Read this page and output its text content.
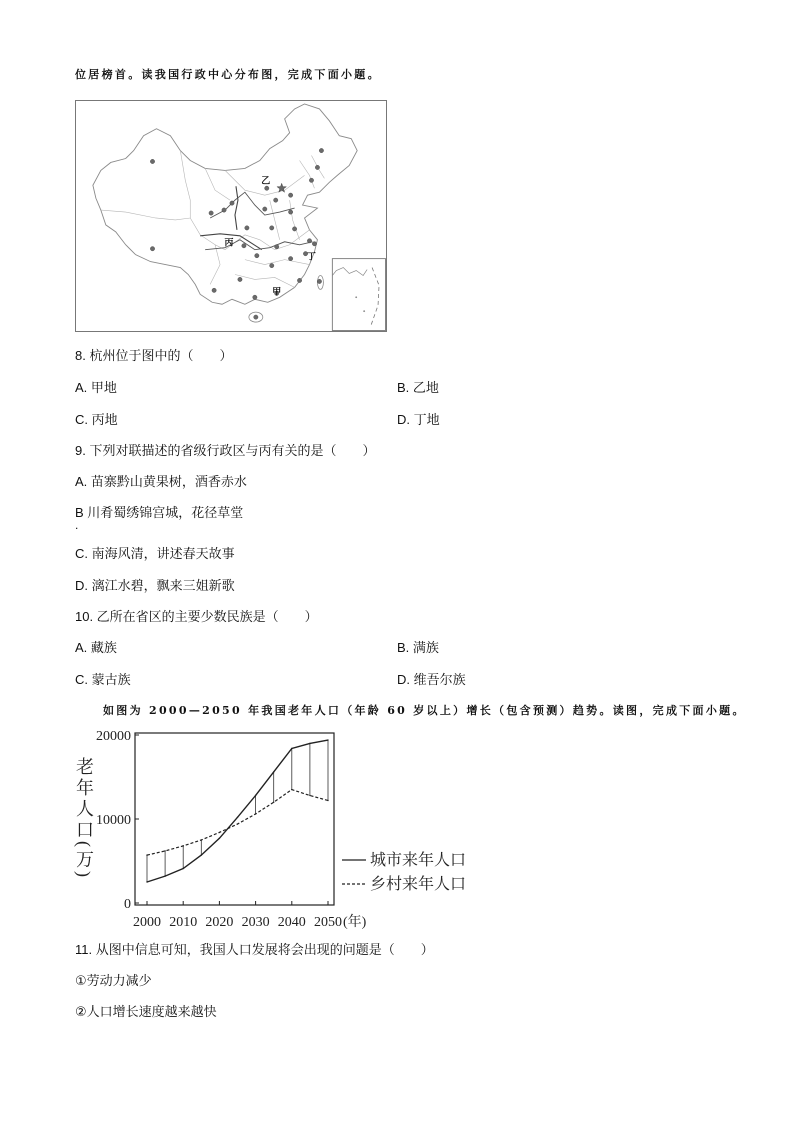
位居榜首。读我国行政中心分布图，完成下面小题。
乙
丙
丁
甲
8. 杭州位于图中的（　　）
A. 甲地	B. 乙地
C. 丙地	D. 丁地
9. 下列对联描述的省级行政区与丙有关的是（　　）
A. 苗寨黔山黄果树，酒香赤水
B 川肴蜀绣锦宫城，花径草堂
.
C. 南海风清，讲述春天故事
D. 漓江水碧，飘来三姐新歌
10. 乙所在省区的主要少数民族是（　　）
A. 藏族	B. 满族
C. 蒙古族	D. 维吾尔族
如图为 2000—2050 年我国老年人口（年龄 60 岁以上）增长（包含预测）趋势。读图，完成下面小题。
老年人口(万)	城市来年人口
乡村来年人口
(年)
2000 2010 2020 2030 2040 2050
0
10000
20000
11. 从图中信息可知，我国人口发展将会出现的问题是（　　）
①劳动力减少
②人口增长速度越来越快
